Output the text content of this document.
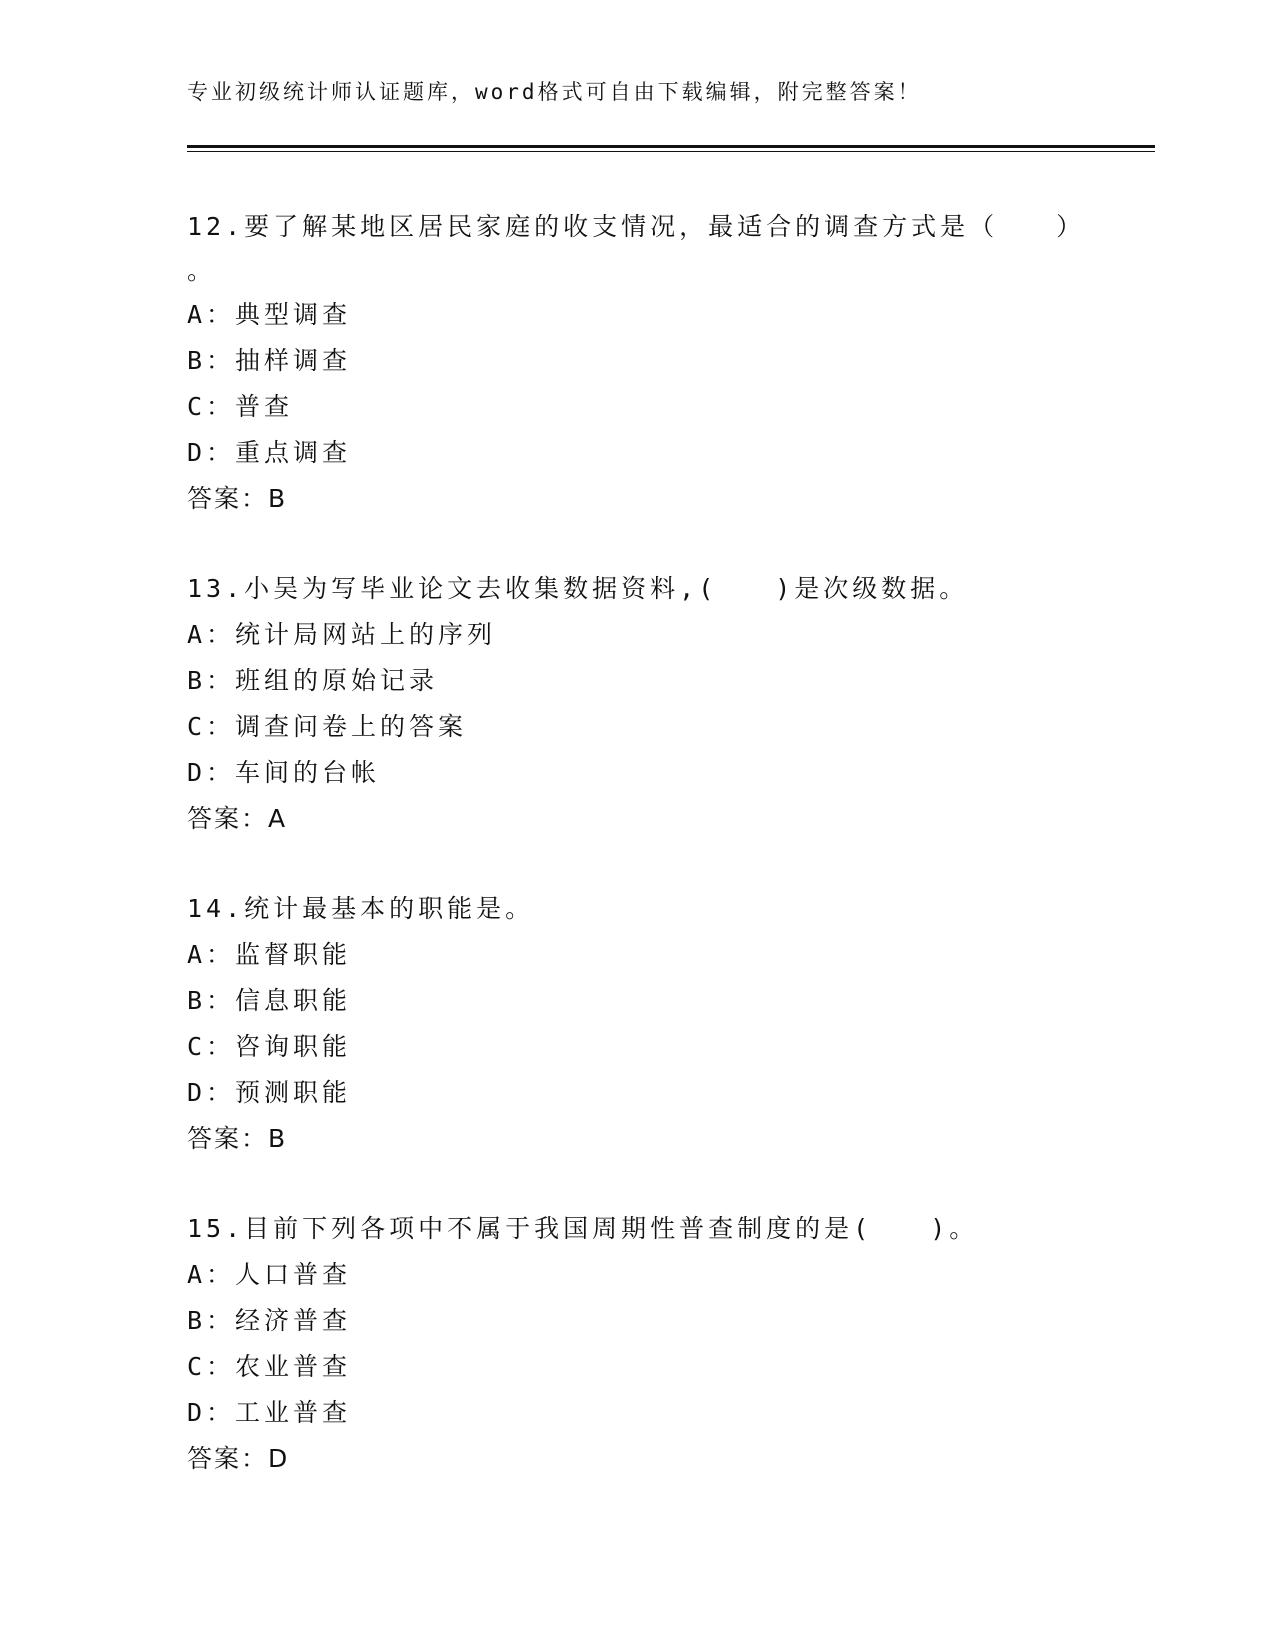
专业初级统计师认证题库，word格式可自由下载编辑，附完整答案！
12.要了解某地区居民家庭的收支情况，最适合的调查方式是（　　）
。
A：典型调查
B：抽样调查
C：普查
D：重点调查
答案：B
13.小吴为写毕业论文去收集数据资料,(　　)是次级数据。
A：统计局网站上的序列
B：班组的原始记录
C：调查问卷上的答案
D：车间的台帐
答案：A
14.统计最基本的职能是。
A：监督职能
B：信息职能
C：咨询职能
D：预测职能
答案：B
15.目前下列各项中不属于我国周期性普查制度的是(　　)。
A：人口普查
B：经济普查
C：农业普查
D：工业普查
答案：D
